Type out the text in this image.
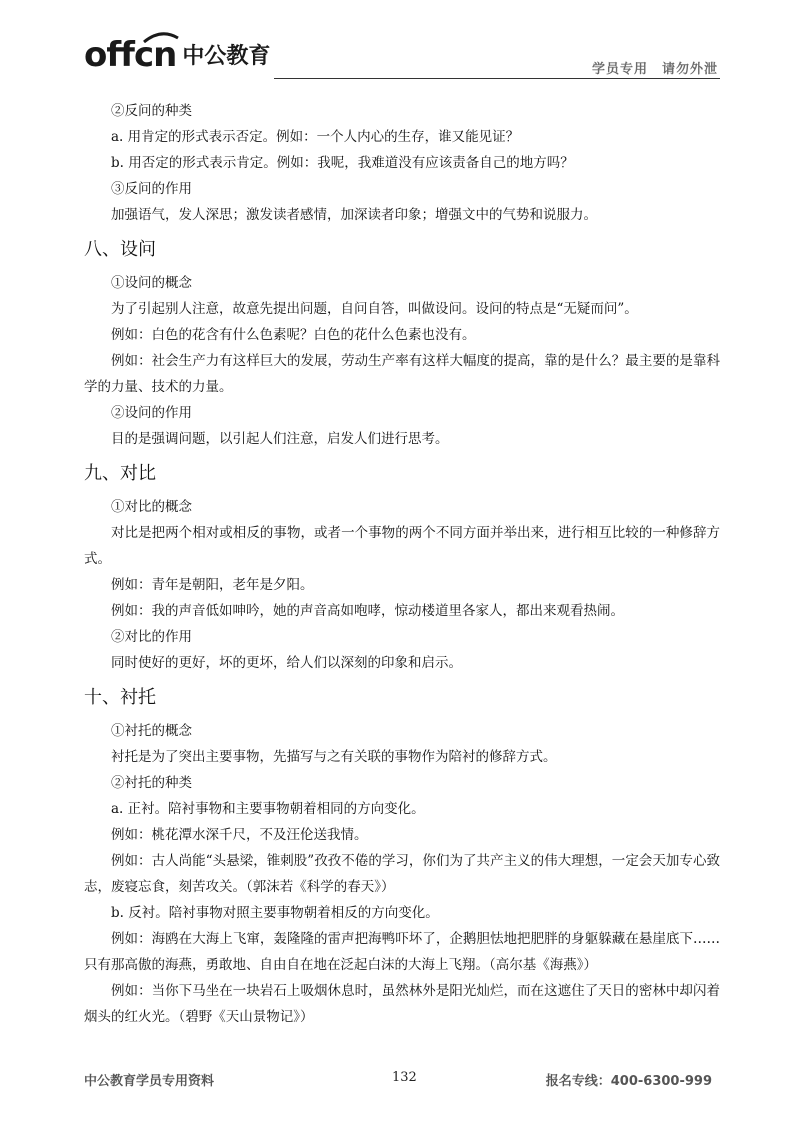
offcn 中公教育
学员专用　请勿外泄

②反问的种类

a. 用肯定的形式表示否定。例如：一个人内心的生存，谁又能见证？

b. 用否定的形式表示肯定。例如：我呢，我难道没有应该责备自己的地方吗？

③反问的作用

加强语气，发人深思；激发读者感情，加深读者印象；增强文中的气势和说服力。

八、设问

①设问的概念

为了引起别人注意，故意先提出问题，自问自答，叫做设问。设问的特点是“无疑而问”。

例如：白色的花含有什么色素呢？白色的花什么色素也没有。

例如：社会生产力有这样巨大的发展，劳动生产率有这样大幅度的提高，靠的是什么？最主要的是靠科学的力量、技术的力量。

②设问的作用

目的是强调问题，以引起人们注意，启发人们进行思考。

九、对比

①对比的概念

对比是把两个相对或相反的事物，或者一个事物的两个不同方面并举出来，进行相互比较的一种修辞方式。

例如：青年是朝阳，老年是夕阳。

例如：我的声音低如呻吟，她的声音高如咆哮，惊动楼道里各家人，都出来观看热闹。

②对比的作用

同时使好的更好，坏的更坏，给人们以深刻的印象和启示。

十、衬托

①衬托的概念

衬托是为了突出主要事物，先描写与之有关联的事物作为陪衬的修辞方式。

②衬托的种类

a. 正衬。陪衬事物和主要事物朝着相同的方向变化。

例如：桃花潭水深千尺，不及汪伦送我情。

例如：古人尚能“头悬梁，锥刺股”孜孜不倦的学习，你们为了共产主义的伟大理想，一定会天加专心致志，废寝忘食，刻苦攻关。（郭沫若《科学的春天》）

b. 反衬。陪衬事物对照主要事物朝着相反的方向变化。

例如：海鸥在大海上飞窜，轰隆隆的雷声把海鸭吓坏了，企鹅胆怯地把肥胖的身躯躲藏在悬崖底下……只有那高傲的海燕，勇敢地、自由自在地在泛起白沫的大海上飞翔。（高尔基《海燕》）

例如：当你下马坐在一块岩石上吸烟休息时，虽然林外是阳光灿烂，而在这遮住了天日的密林中却闪着烟头的红火光。（碧野《天山景物记》）

中公教育学员专用资料	132	报名专线：400-6300-999
